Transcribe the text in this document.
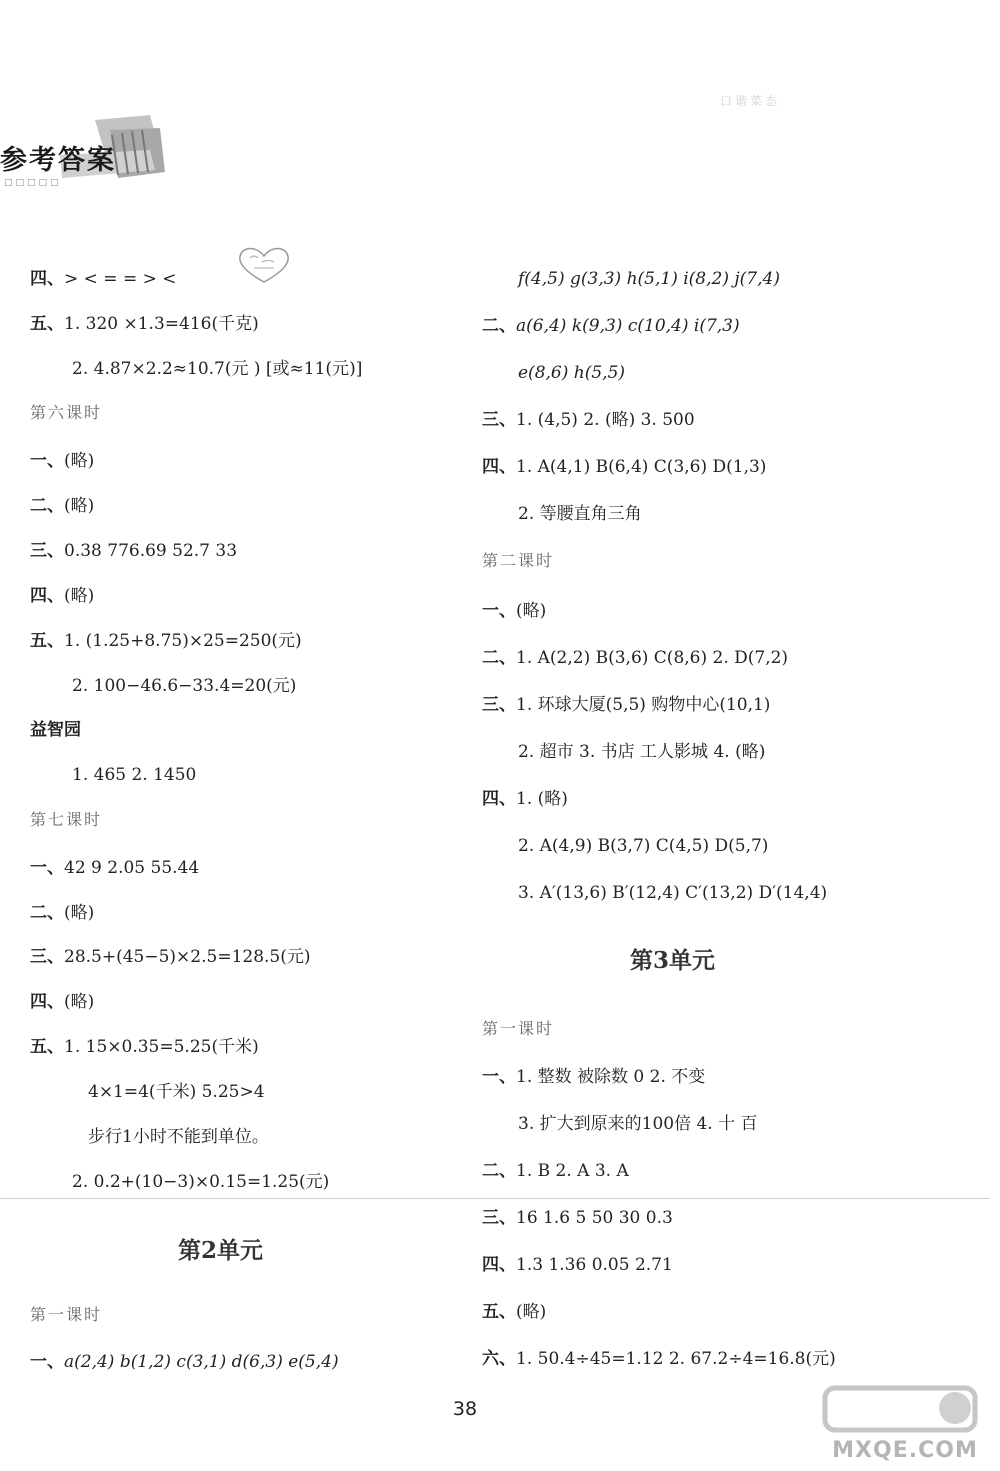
参考答案
□□□□□
口谐菜态
四、> < = = > <
五、1. 320 ×1.3=416(千克)
2. 4.87×2.2≈10.7(元 ) [或≈11(元)]
第六课时
一、(略)
二、(略)
三、0.38 776.69 52.7 33
四、(略)
五、1. (1.25+8.75)×25=250(元)
2. 100−46.6−33.4=20(元)
益智园
1. 465 2. 1450
第七课时
一、42 9 2.05 55.44
二、(略)
三、28.5+(45−5)×2.5=128.5(元)
四、(略)
五、1. 15×0.35=5.25(千米)
4×1=4(千米) 5.25>4
步行1小时不能到单位。
2. 0.2+(10−3)×0.15=1.25(元)
第2单元
第一课时
一、a(2,4) b(1,2) c(3,1) d(6,3) e(5,4)
f(4,5) g(3,3) h(5,1) i(8,2) j(7,4)
二、a(6,4) k(9,3) c(10,4) i(7,3)
e(8,6) h(5,5)
三、1. (4,5) 2. (略) 3. 500
四、1. A(4,1) B(6,4) C(3,6) D(1,3)
2. 等腰直角三角
第二课时
一、(略)
二、1. A(2,2) B(3,6) C(8,6) 2. D(7,2)
三、1. 环球大厦(5,5) 购物中心(10,1)
2. 超市 3. 书店 工人影城 4. (略)
四、1. (略)
2. A(4,9) B(3,7) C(4,5) D(5,7)
3. A′(13,6) B′(12,4) C′(13,2) D′(14,4)
第3单元
第一课时
一、1. 整数 被除数 0 2. 不变
3. 扩大到原来的100倍 4. 十 百
二、1. B 2. A 3. A
三、16 1.6 5 50 30 0.3
四、1.3 1.36 0.05 2.71
五、(略)
六、1. 50.4÷45=1.12 2. 67.2÷4=16.8(元)
38
MXQE.COM
